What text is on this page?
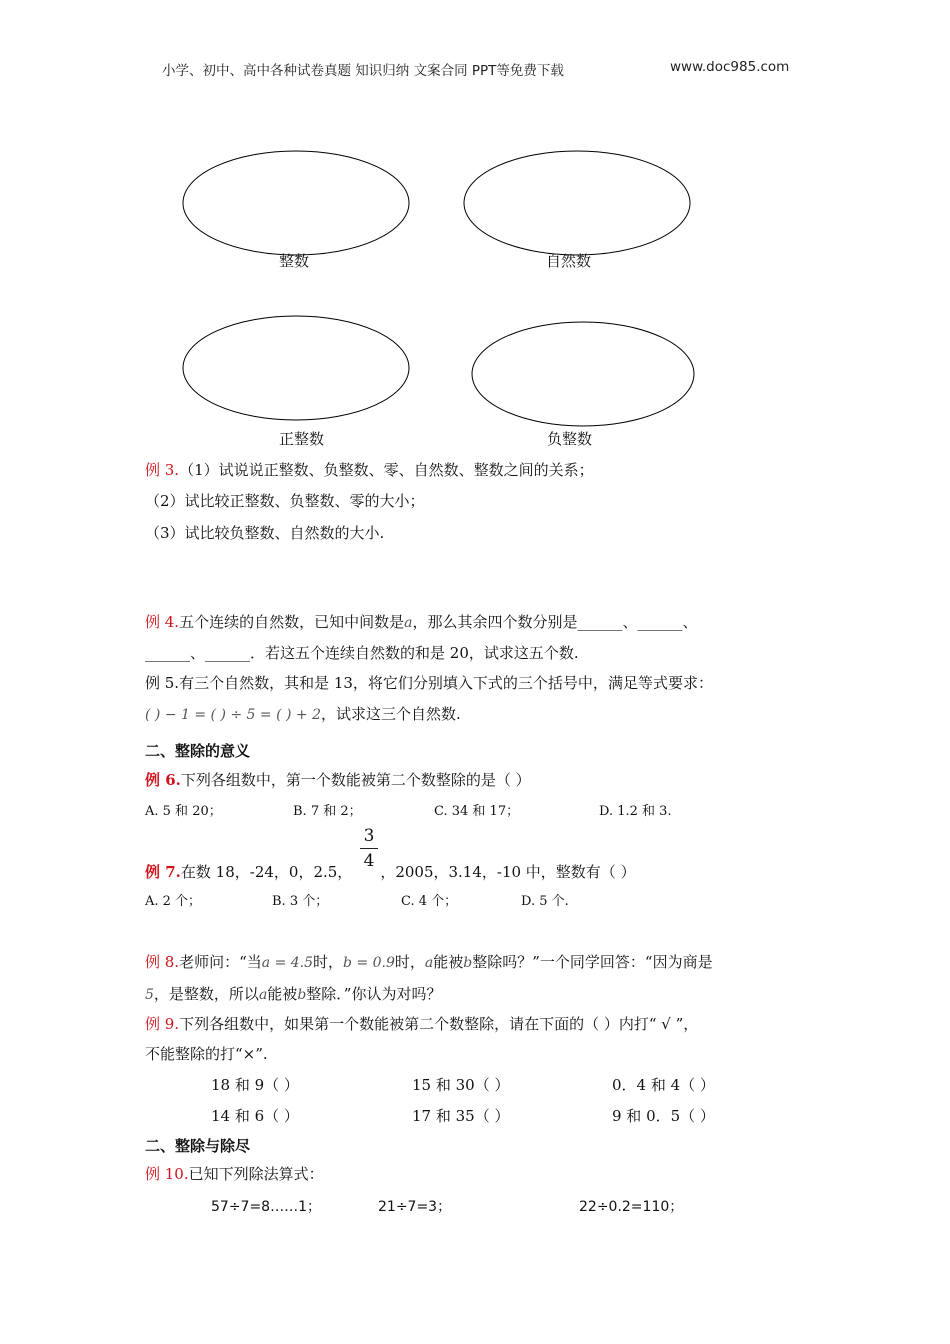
小学、初中、高中各种试卷真题 知识归纳 文案合同 PPT等免费下载	www.doc985.com
整数	自然数
正整数	负整数
例 3.（1）试说说正整数、负整数、零、自然数、整数之间的关系；
（2）试比较正整数、负整数、零的大小；
（3）试比较负整数、自然数的大小.
例 4.五个连续的自然数，已知中间数是a，那么其余四个数分别是______、______、
______、______．若这五个连续自然数的和是 20，试求这五个数.
例 5.有三个自然数，其和是 13，将它们分别填入下式的三个括号中，满足等式要求：
( ) − 1 = ( ) ÷ 5 = ( ) + 2，试求这三个自然数.
二、整除的意义
例 6.下列各组数中，第一个数能被第二个数整除的是（ ）
A. 5 和 20；	B. 7 和 2；	C. 34 和 17；	D. 1.2 和 3.
3
4
例 7.在数 18，-24，0，2.5， ，2005，3.14，-10 中，整数有（ ）
A. 2 个；	B. 3 个；	C. 4 个；	D. 5 个.
例 8.老师问：“当a = 4.5时，b = 0.9时，a能被b整除吗？”一个同学回答：“因为商是
5，是整数，所以a能被b整除．”你认为对吗？
例 9.下列各组数中，如果第一个数能被第二个数整除，请在下面的（ ）内打“ √ ”，
不能整除的打“×”.
18 和 9（ ）	15 和 30（ ）	0．4 和 4（ ）
14 和 6（ ）	17 和 35（ ）	9 和 0．5（ ）
二、整除与除尽
例 10.已知下列除法算式：
57÷7=8……1；	21÷7=3；	22÷0.2=110；
